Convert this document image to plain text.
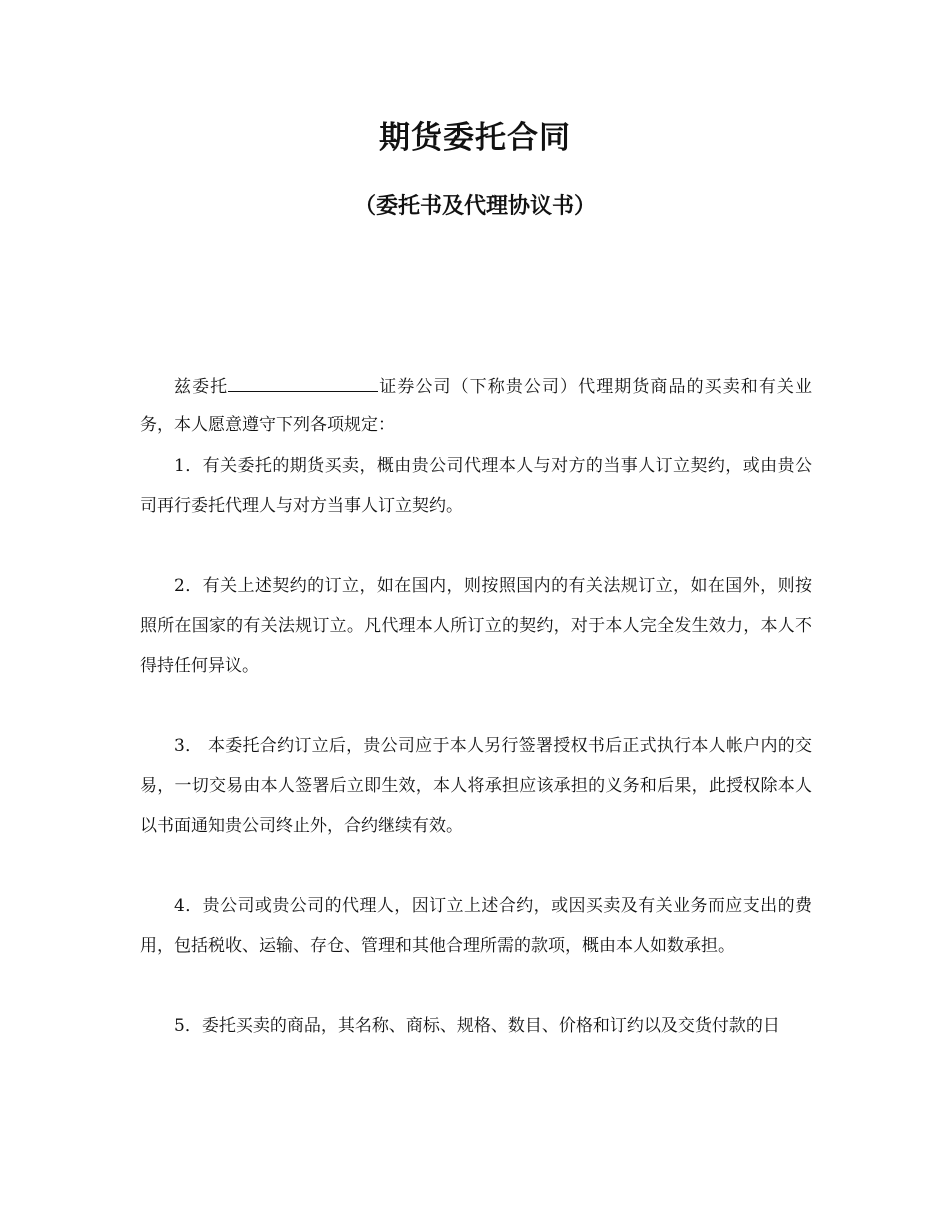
期货委托合同
（委托书及代理协议书）

兹委托	证券公司（下称贵公司）代理期货商品的买卖和有关业务，本人愿意遵守下列各项规定：

1．有关委托的期货买卖，概由贵公司代理本人与对方的当事人订立契约，或由贵公司再行委托代理人与对方当事人订立契约。

2．有关上述契约的订立，如在国内，则按照国内的有关法规订立，如在国外，则按照所在国家的有关法规订立。凡代理本人所订立的契约，对于本人完全发生效力，本人不得持任何异议。

3． 本委托合约订立后，贵公司应于本人另行签署授权书后正式执行本人帐户内的交易，一切交易由本人签署后立即生效，本人将承担应该承担的义务和后果，此授权除本人以书面通知贵公司终止外，合约继续有效。

4．贵公司或贵公司的代理人，因订立上述合约，或因买卖及有关业务而应支出的费用，包括税收、运输、存仓、管理和其他合理所需的款项，概由本人如数承担。

5．委托买卖的商品，其名称、商标、规格、数目、价格和订约以及交货付款的日
